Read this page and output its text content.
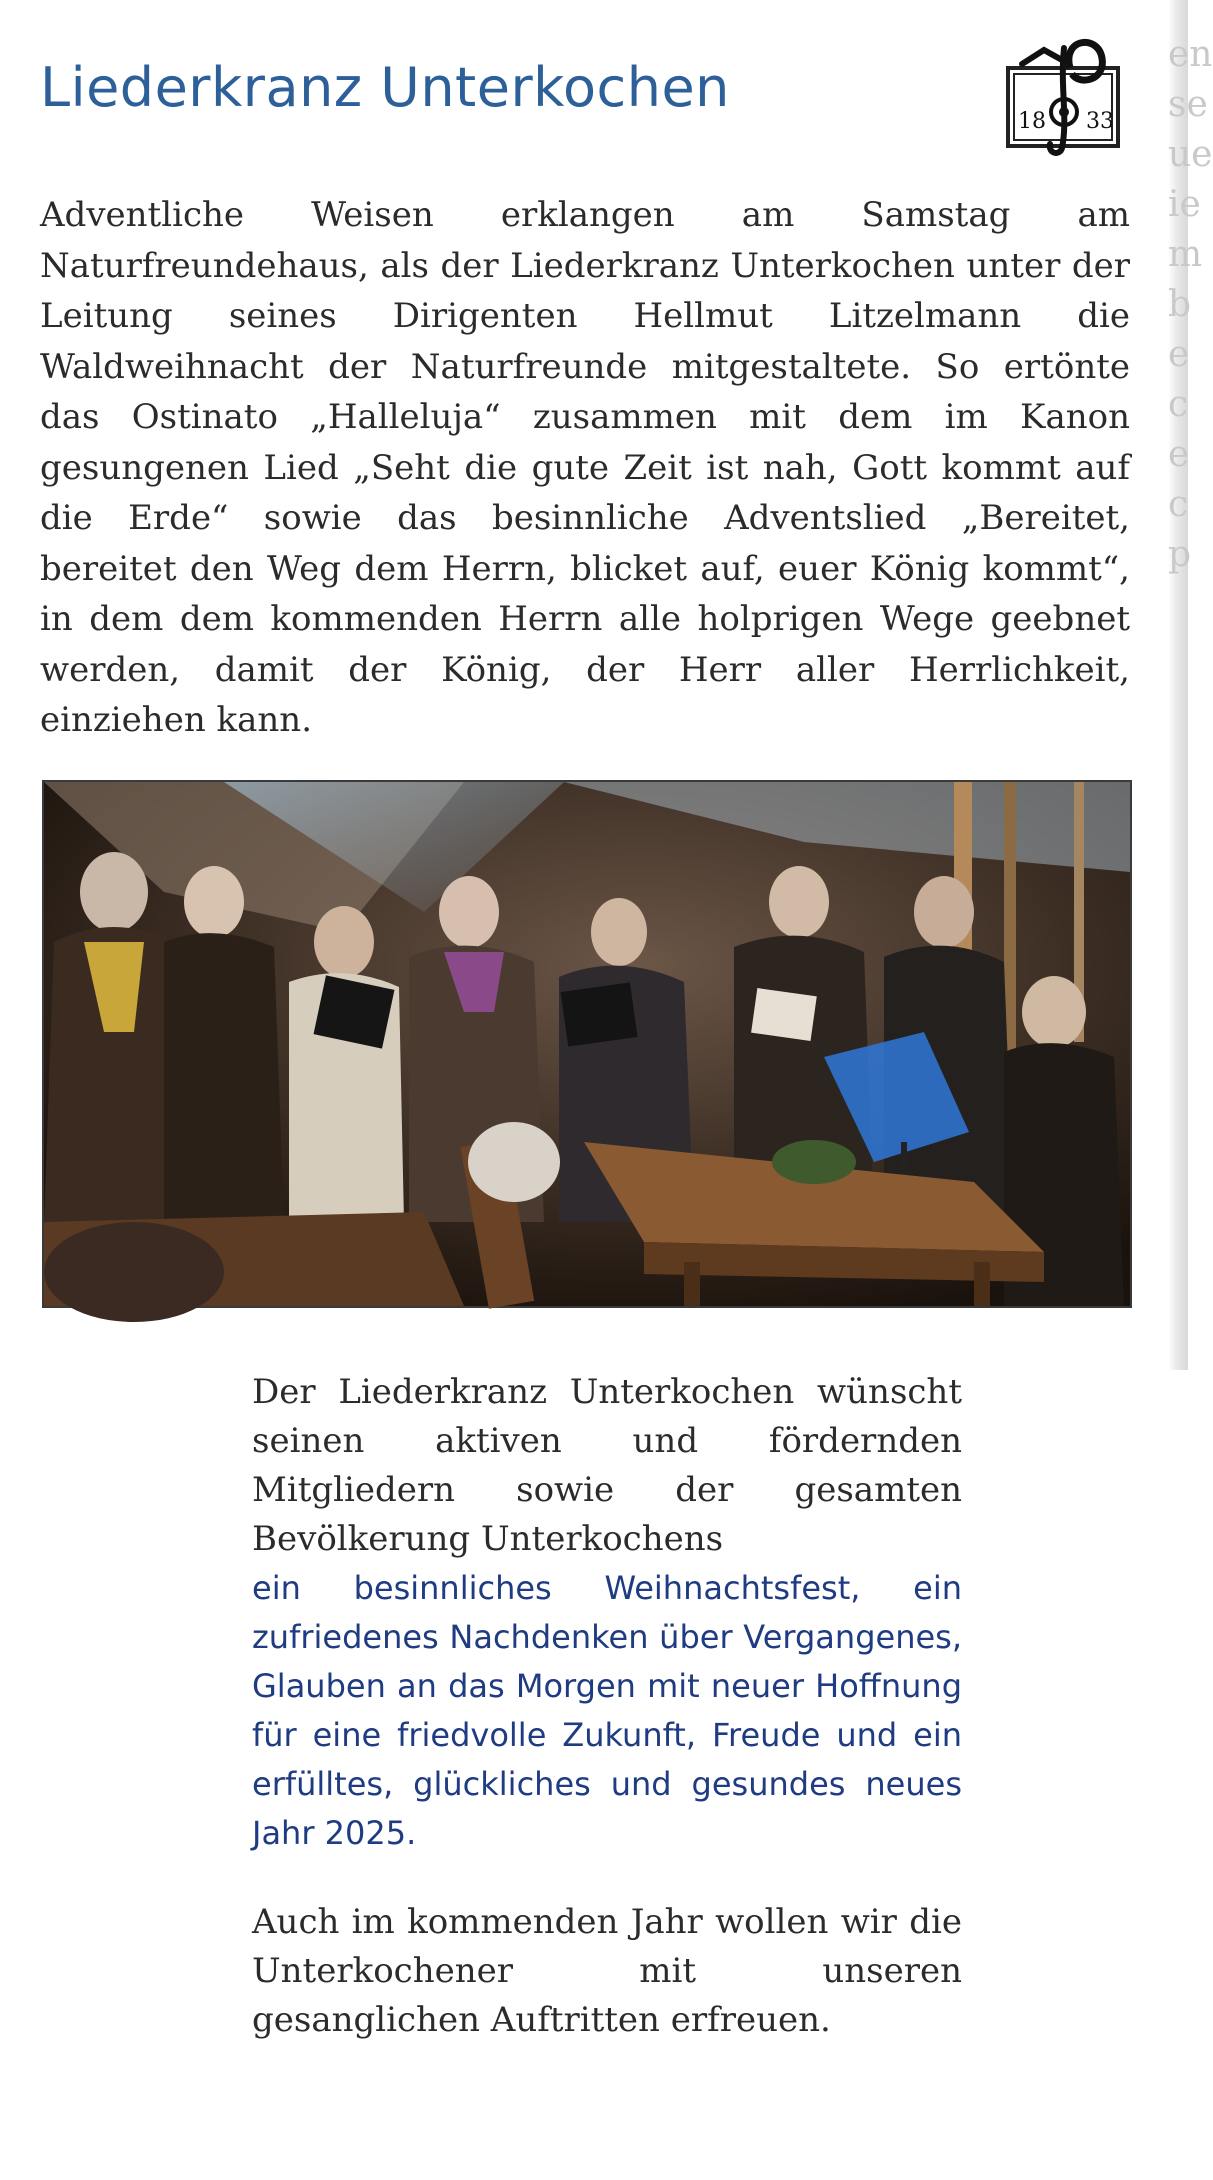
en
se
ue
ie
m
b
e
c
e
c
p
Liederkranz Unterkochen
18 33

Adventliche Weisen erklangen am Samstag am Naturfreundehaus, als der Liederkranz Unterkochen unter der Leitung seines Dirigenten Hellmut Litzelmann die Waldweihnacht der Naturfreunde mitgestaltete. So ertönte das Ostinato „Halleluja“ zusammen mit dem im Kanon gesungenen Lied „Seht die gute Zeit ist nah, Gott kommt auf die Erde“ sowie das besinnliche Adventslied „Bereitet, bereitet den Weg dem Herrn, blicket auf, euer König kommt“, in dem dem kommenden Herrn alle holprigen Wege geebnet werden, damit der König, der Herr aller Herrlichkeit, einziehen kann.

Der Liederkranz Unterkochen wünscht seinen aktiven und fördernden Mitgliedern sowie der gesamten Bevölkerung Unterkochens

ein besinnliches Weihnachtsfest, ein zufriedenes Nachdenken über Vergangenes, Glauben an das Morgen mit neuer Hoffnung für eine friedvolle Zukunft, Freude und ein erfülltes, glückliches und gesundes neues Jahr 2025.

Auch im kommenden Jahr wollen wir die Unterkochener mit unseren gesanglichen Auftritten erfreuen.
